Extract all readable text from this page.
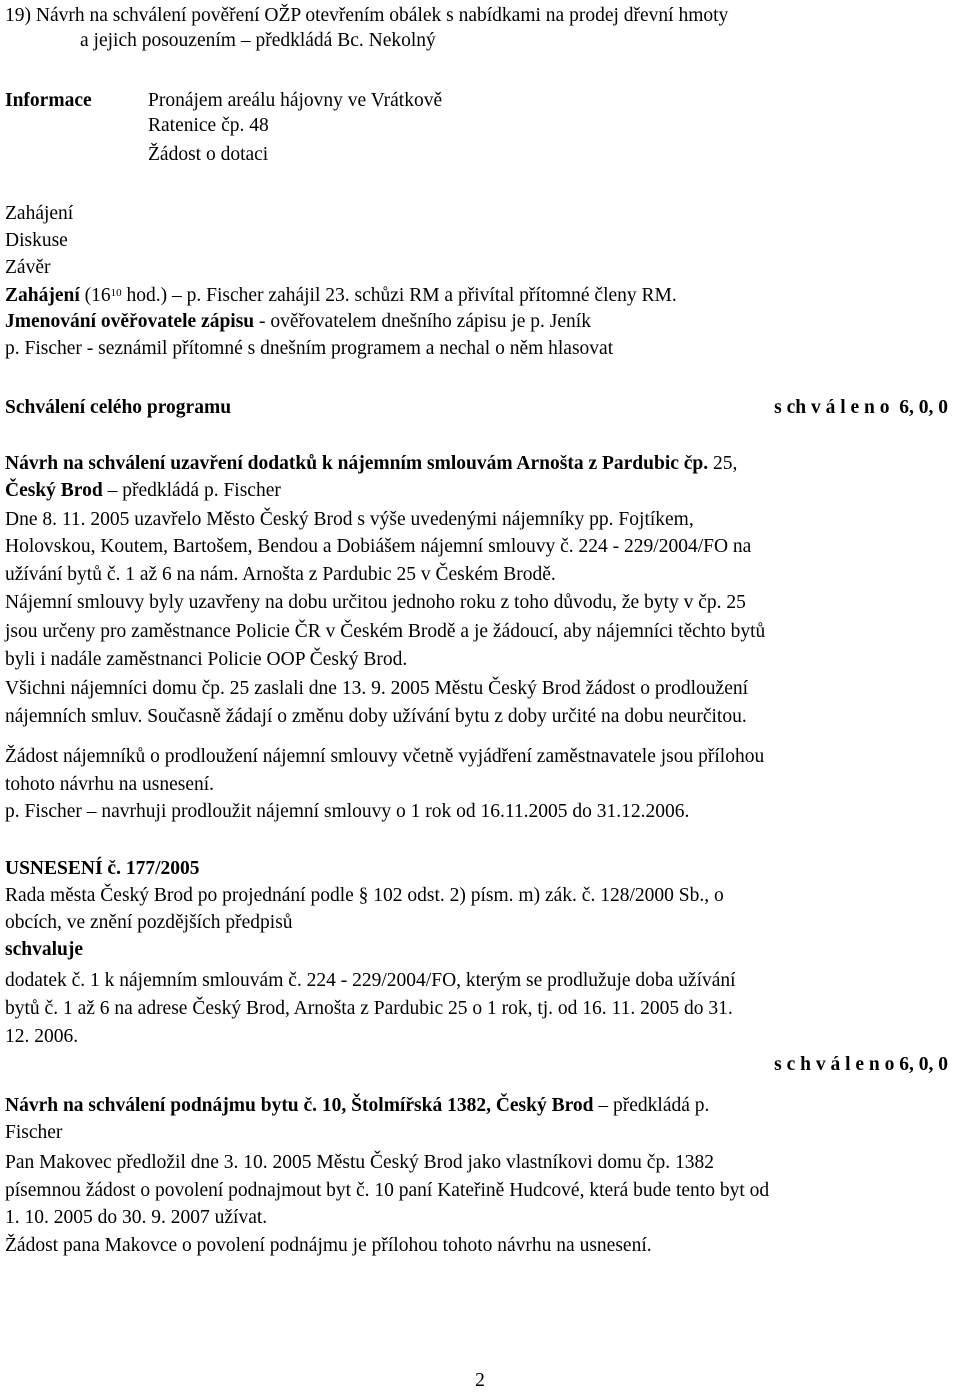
19) Návrh na schválení pověření OŽP otevřením obálek s nabídkami na prodej dřevní hmoty
a jejich posouzením – předkládá Bc. Nekolný
Informace	Pronájem areálu hájovny ve Vrátkově
Ratenice čp. 48
Žádost o dotaci
Zahájení
Diskuse
Závěr
Zahájení ($16^{10}$ hod.) – p. Fischer zahájil 23. schůzi RM a přivítal přítomné členy RM.
Jmenování ověřovatele zápisu - ověřovatelem dnešního zápisu je p. Jeník
p. Fischer - seznámil přítomné s dnešním programem a nechal o něm hlasovat
Schválení celého programu	s ch v á l e n o  6, 0, 0
Návrh na schválení uzavření dodatků k nájemním smlouvám Arnošta z Pardubic čp. 25,
Český Brod – předkládá p. Fischer
Dne 8. 11. 2005 uzavřelo Město Český Brod s výše uvedenými nájemníky pp. Fojtíkem,
Holovskou, Koutem, Bartošem, Bendou a Dobiášem nájemní smlouvy č. 224 - 229/2004/FO na
užívání bytů č. 1 až 6 na nám. Arnošta z Pardubic 25 v Českém Brodě.
Nájemní smlouvy byly uzavřeny na dobu určitou jednoho roku z toho důvodu, že byty v čp. 25
jsou určeny pro zaměstnance Policie ČR v Českém Brodě a je žádoucí, aby nájemníci těchto bytů
byli i nadále zaměstnanci Policie OOP Český Brod.
Všichni nájemníci domu čp. 25 zaslali dne 13. 9. 2005 Městu Český Brod žádost o prodloužení
nájemních smluv. Současně žádají o změnu doby užívání bytu z doby určité na dobu neurčitou.
Žádost nájemníků o prodloužení nájemní smlouvy včetně vyjádření zaměstnavatele jsou přílohou
tohoto návrhu na usnesení.
p. Fischer – navrhuji prodloužit nájemní smlouvy o 1 rok od 16.11.2005 do 31.12.2006.
USNESENÍ č. 177/2005
Rada města Český Brod po projednání podle § 102 odst. 2) písm. m) zák. č. 128/2000 Sb., o
obcích, ve znění pozdějších předpisů
schvaluje
dodatek č. 1 k nájemním smlouvám č. 224 - 229/2004/FO, kterým se prodlužuje doba užívání
bytů č. 1 až 6 na adrese Český Brod, Arnošta z Pardubic 25 o 1 rok, tj. od 16. 11. 2005 do 31.
12. 2006.
s c h v á l e n o 6, 0, 0
Návrh na schválení podnájmu bytu č. 10, Štolmířská 1382, Český Brod – předkládá p.
Fischer
Pan Makovec předložil dne 3. 10. 2005 Městu Český Brod jako vlastníkovi domu čp. 1382
písemnou žádost o povolení podnajmout byt č. 10 paní Kateřině Hudcové, která bude tento byt od
1. 10. 2005 do 30. 9. 2007 užívat.
Žádost pana Makovce o povolení podnájmu je přílohou tohoto návrhu na usnesení.
2
